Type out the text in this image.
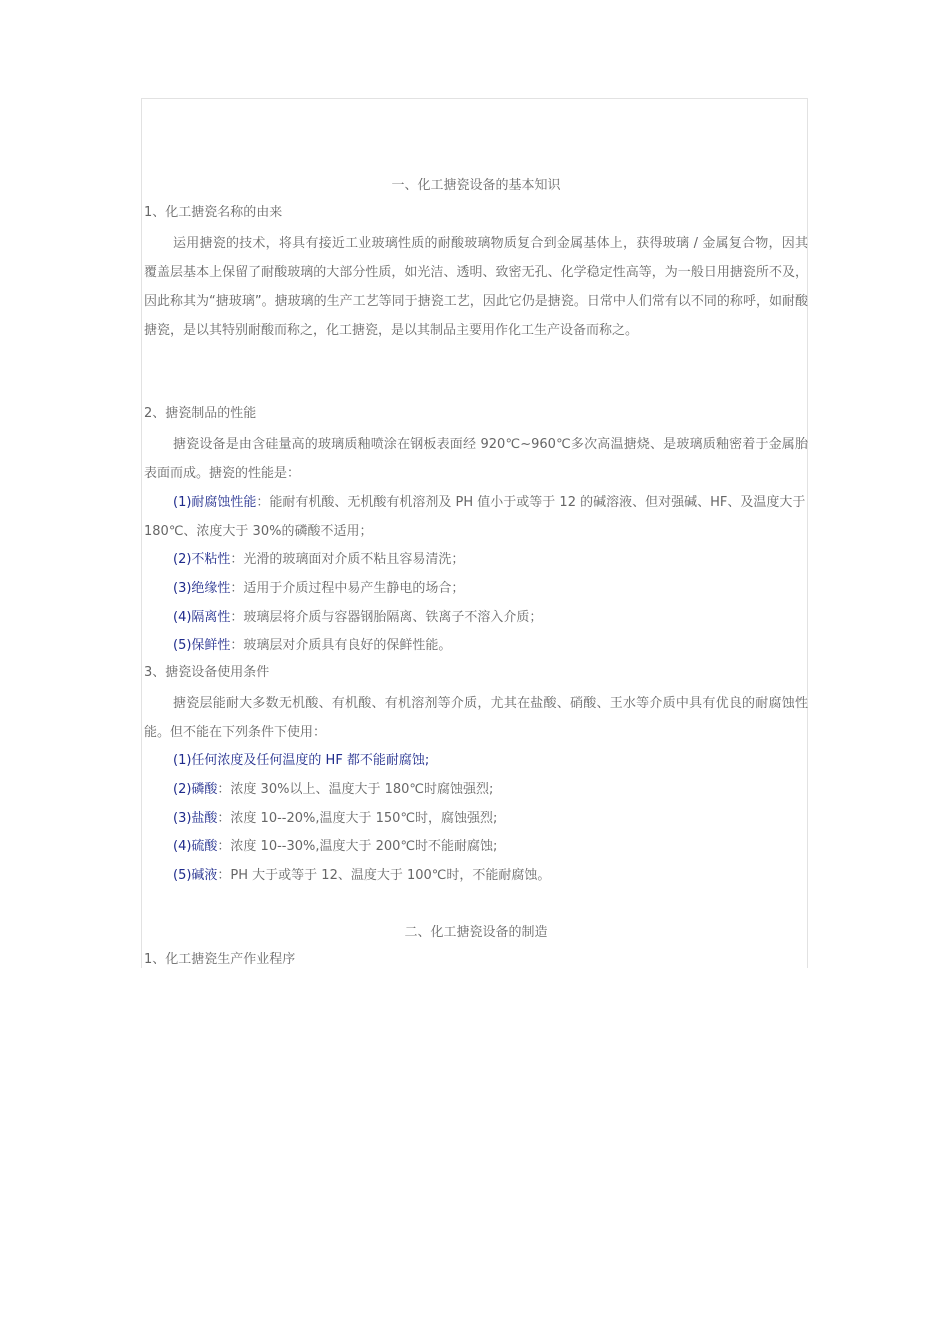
一、化工搪瓷设备的基本知识
1、化工搪瓷名称的由来
运用搪瓷的技术，将具有接近工业玻璃性质的耐酸玻璃物质复合到金属基体上，获得玻璃 / 金属复合物，因其覆盖层基本上保留了耐酸玻璃的大部分性质，如光洁、透明、致密无孔、化学稳定性高等，为一般日用搪瓷所不及，因此称其为“搪玻璃”。搪玻璃的生产工艺等同于搪瓷工艺，因此它仍是搪瓷。日常中人们常有以不同的称呼，如耐酸搪瓷，是以其特别耐酸而称之，化工搪瓷，是以其制品主要用作化工生产设备而称之。
2、搪瓷制品的性能
搪瓷设备是由含硅量高的玻璃质釉喷涂在钢板表面经 920℃~960℃多次高温搪烧、是玻璃质釉密着于金属胎表面而成。搪瓷的性能是：
(1)耐腐蚀性能：能耐有机酸、无机酸有机溶剂及 PH 值小于或等于 12 的碱溶液、但对强碱、HF、及温度大于 180℃、浓度大于 30%的磷酸不适用；
(2)不粘性：光滑的玻璃面对介质不粘且容易清洗；
(3)绝缘性：适用于介质过程中易产生静电的场合；
(4)隔离性：玻璃层将介质与容器钢胎隔离、铁离子不溶入介质；
(5)保鲜性：玻璃层对介质具有良好的保鲜性能。
3、搪瓷设备使用条件
搪瓷层能耐大多数无机酸、有机酸、有机溶剂等介质，尤其在盐酸、硝酸、王水等介质中具有优良的耐腐蚀性能。但不能在下列条件下使用：
(1)任何浓度及任何温度的 HF 都不能耐腐蚀;
(2)磷酸：浓度 30%以上、温度大于 180℃时腐蚀强烈;
(3)盐酸：浓度 10--20%,温度大于 150℃时，腐蚀强烈;
(4)硫酸：浓度 10--30%,温度大于 200℃时不能耐腐蚀;
(5)碱液：PH 大于或等于 12、温度大于 100℃时，不能耐腐蚀。
二、化工搪瓷设备的制造
1、化工搪瓷生产作业程序
